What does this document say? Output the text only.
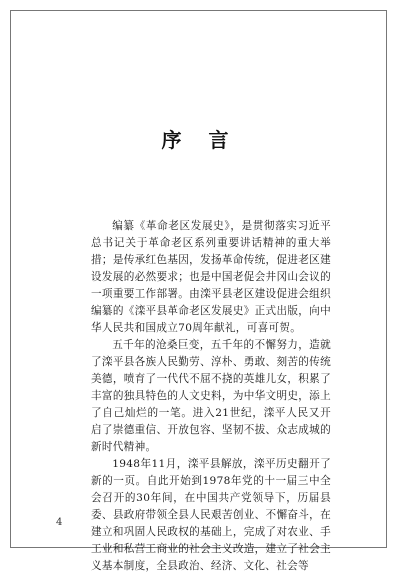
序 言

编纂《革命老区发展史》，是贯彻落实习近平总书记关于革命老区系列重要讲话精神的重大举措；是传承红色基因，发扬革命传统，促进老区建设发展的必然要求；也是中国老促会井冈山会议的一项重要工作部署。由滦平县老区建设促进会组织编纂的《滦平县革命老区发展史》正式出版，向中华人民共和国成立70周年献礼，可喜可贺。

五千年的沧桑巨变，五千年的不懈努力，造就了滦平县各族人民勤劳、淳朴、勇敢、刻苦的传统美德，喷育了一代代不屈不挠的英雄儿女，积累了丰富的独具特色的人文史料，为中华文明史，添上了自己灿烂的一笔。进入21世纪，滦平人民又开启了崇德重信、开放包容、坚韧不拔、众志成城的新时代精神。

1948年11月，滦平县解放，滦平历史翻开了新的一页。自此开始到1978年党的十一届三中全会召开的30年间，在中国共产党领导下，历届县委、县政府带领全县人民艰苦创业、不懈奋斗，在建立和巩固人民政权的基础上，完成了对农业、手工业和私营工商业的社会主义改造，建立了社会主义基本制度，全县政治、经济、文化、社会等

4
